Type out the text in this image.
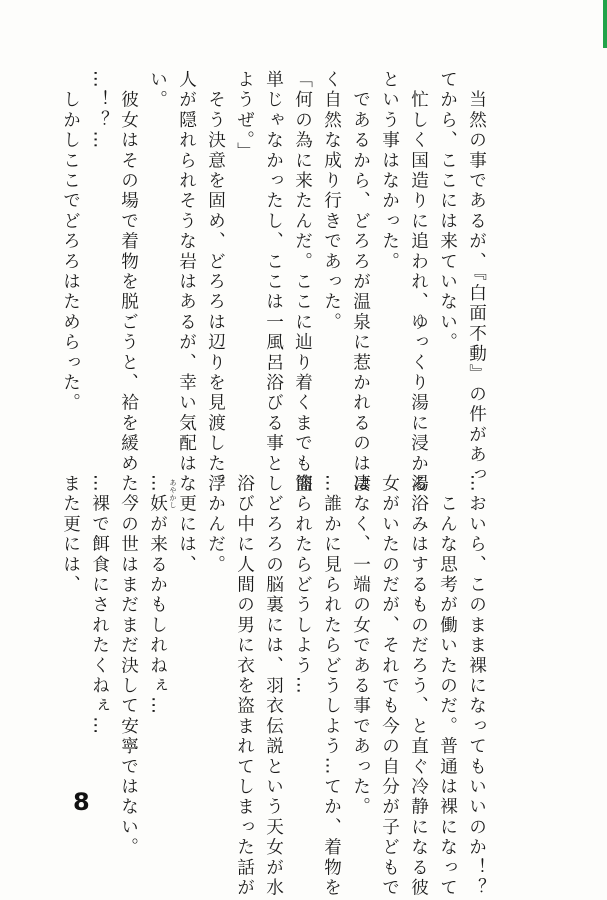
　当然の事であるが、『白面不動』の件があっ
てから、ここには来ていない。
　忙しく国造りに追われ、ゆっくり湯に浸かる
という事はなかった。
　であるから、どろろが温泉に惹かれるのは凄
く自然な成り行きであった。
「何の為に来たんだ。ここに辿り着くまでも簡
単じゃなかったし、ここは一風呂浴びる事とし
ようぜ。」
　そう決意を固め、どろろは辺りを見渡した。
人が隠れられそうな岩はあるが、幸い気配はな
い。
　彼女はその場で着物を脱ごうと、袷を緩めた。
…！？…
　しかしここでどろろはためらった。
…おいら、このまま裸になってもいいのか！？
　こんな思考が働いたのだ。普通は裸になって
湯浴みはするものだろう、と直ぐ冷静になる彼
女がいたのだが、それでも今の自分が子どもで
はなく、一端の女である事であった。
…誰かに見られたらどうしよう…てか、着物を
盗られたらどうしよう…
　どろろの脳裏には、羽衣伝説という天女が水
浴び中に人間の男に衣を盗まれてしまった話が
浮かんだ。
　更には、
…妖が来るかもしれねぇ…
　今の世はまだまだ決して安寧ではない。
…裸で餌食にされたくねぇ…
また更には、	あやかし
8
